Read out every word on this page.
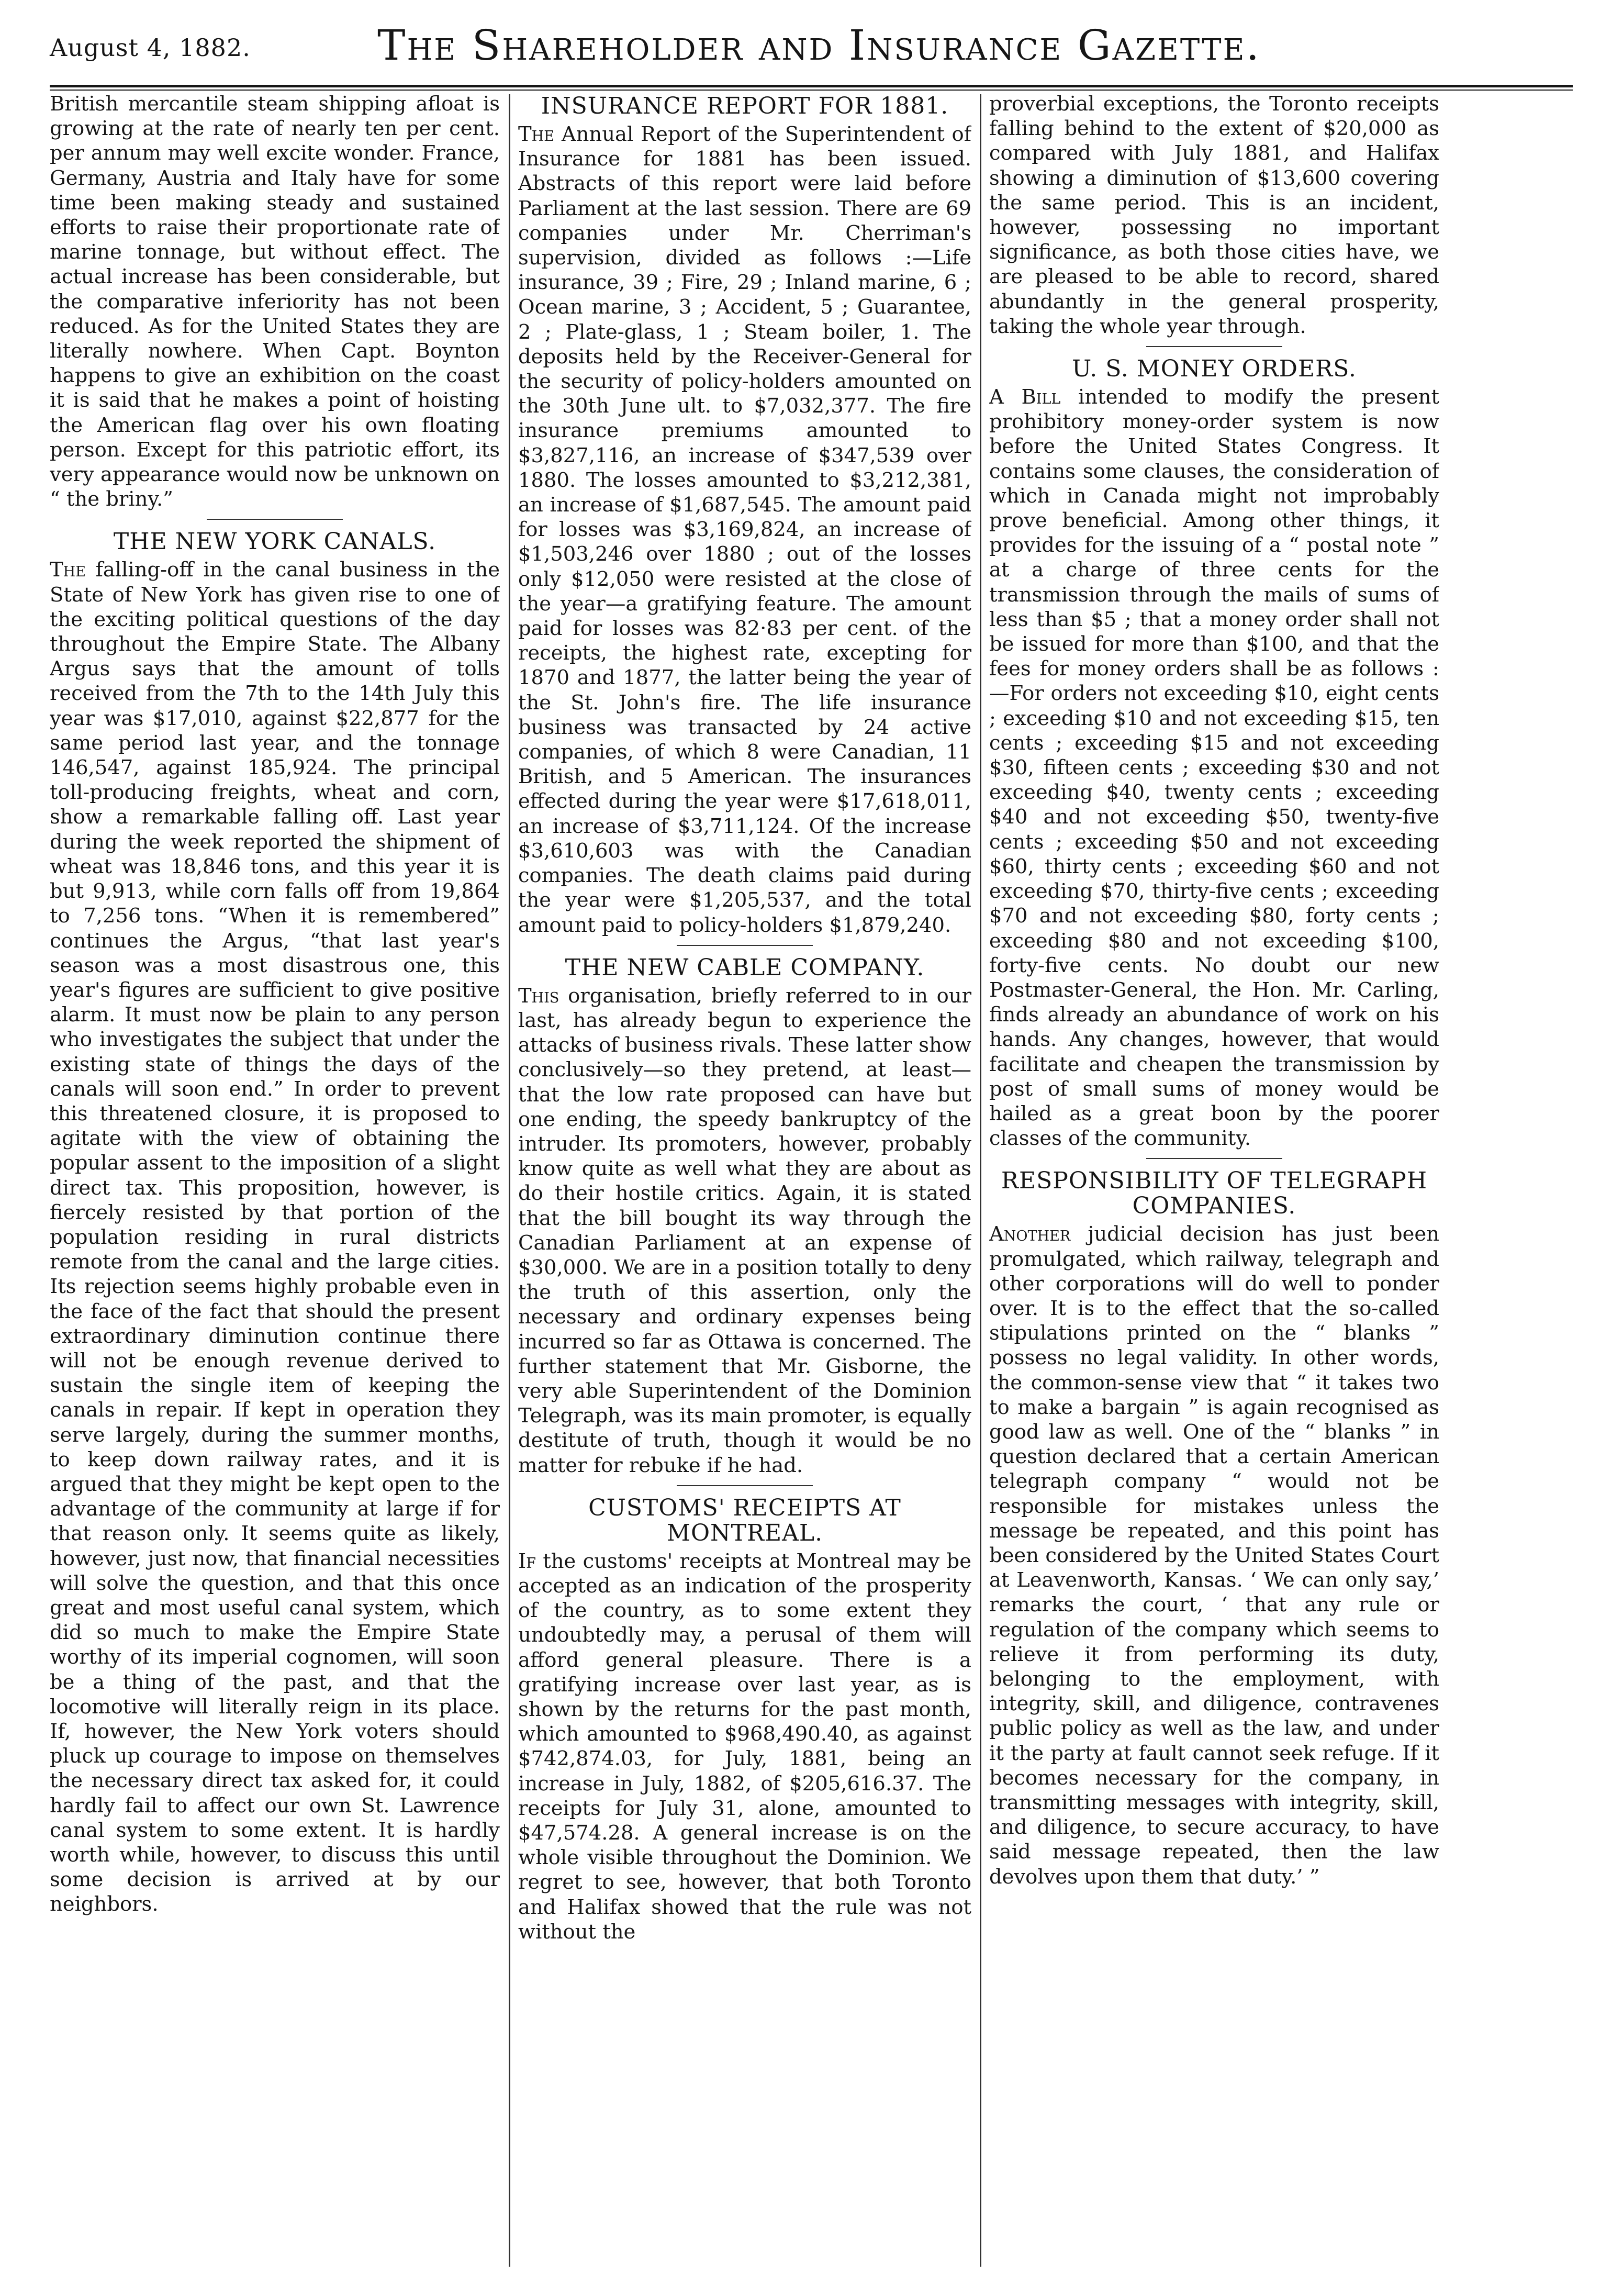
August 4, 1882.	The Shareholder and Insurance Gazette.

British mercantile steam shipping afloat is growing at the rate of nearly ten per cent. per annum may well excite wonder. France, Germany, Austria and Italy have for some time been making steady and sustained efforts to raise their proportionate rate of marine tonnage, but without effect. The actual increase has been considerable, but the comparative inferiority has not been reduced. As for the United States they are literally nowhere. When Capt. Boynton happens to give an exhibition on the coast it is said that he makes a point of hoisting the American flag over his own floating person. Except for this patriotic effort, its very appearance would now be unknown on “ the briny.”

THE NEW YORK CANALS.

The falling-off in the canal business in the State of New York has given rise to one of the exciting political questions of the day throughout the Empire State. The Albany Argus says that the amount of tolls received from the 7th to the 14th July this year was $17,010, against $22,877 for the same period last year, and the tonnage 146,547, against 185,924. The principal toll-producing freights, wheat and corn, show a remarkable falling off. Last year during the week reported the shipment of wheat was 18,846 tons, and this year it is but 9,913, while corn falls off from 19,864 to 7,256 tons. “When it is remembered” continues the Argus, “that last year's season was a most disastrous one, this year's figures are sufficient to give positive alarm. It must now be plain to any person who investigates the subject that under the existing state of things the days of the canals will soon end.” In order to prevent this threatened closure, it is proposed to agitate with the view of obtaining the popular assent to the imposition of a slight direct tax. This proposition, however, is fiercely resisted by that portion of the population residing in rural districts remote from the canal and the large cities. Its rejection seems highly probable even in the face of the fact that should the present extraordinary diminution continue there will not be enough revenue derived to sustain the single item of keeping the canals in repair. If kept in operation they serve largely, during the summer months, to keep down railway rates, and it is argued that they might be kept open to the advantage of the community at large if for that reason only. It seems quite as likely, however, just now, that financial necessities will solve the question, and that this once great and most useful canal system, which did so much to make the Empire State worthy of its imperial cognomen, will soon be a thing of the past, and that the locomotive will literally reign in its place. If, however, the New York voters should pluck up courage to impose on themselves the necessary direct tax asked for, it could hardly fail to affect our own St. Lawrence canal system to some extent. It is hardly worth while, however, to discuss this until some decision is arrived at by our neighbors.

INSURANCE REPORT FOR 1881.

The Annual Report of the Superintendent of Insurance for 1881 has been issued. Abstracts of this report were laid before Parliament at the last session. There are 69 companies under Mr. Cherriman's supervision, divided as follows :—Life insurance, 39 ; Fire, 29 ; Inland marine, 6 ; Ocean marine, 3 ; Accident, 5 ; Guarantee, 2 ; Plate-glass, 1 ; Steam boiler, 1. The deposits held by the Receiver-General for the security of policy-holders amounted on the 30th June ult. to $7,032,377. The fire insurance premiums amounted to $3,827,116, an increase of $347,539 over 1880. The losses amounted to $3,212,381, an increase of $1,687,545. The amount paid for losses was $3,169,824, an increase of $1,503,246 over 1880 ; out of the losses only $12,050 were resisted at the close of the year—a gratifying feature. The amount paid for losses was 82·83 per cent. of the receipts, the highest rate, excepting for 1870 and 1877, the latter being the year of the St. John's fire. The life insurance business was transacted by 24 active companies, of which 8 were Canadian, 11 British, and 5 American. The insurances effected during the year were $17,618,011, an increase of $3,711,124. Of the increase $3,610,603 was with the Canadian companies. The death claims paid during the year were $1,205,537, and the total amount paid to policy-holders $1,879,240.

THE NEW CABLE COMPANY.

This organisation, briefly referred to in our last, has already begun to experience the attacks of business rivals. These latter show conclusively—so they pretend, at least—that the low rate proposed can have but one ending, the speedy bankruptcy of the intruder. Its promoters, however, probably know quite as well what they are about as do their hostile critics. Again, it is stated that the bill bought its way through the Canadian Parliament at an expense of $30,000. We are in a position totally to deny the truth of this assertion, only the necessary and ordinary expenses being incurred so far as Ottawa is concerned. The further statement that Mr. Gisborne, the very able Superintendent of the Dominion Telegraph, was its main promoter, is equally destitute of truth, though it would be no matter for rebuke if he had.

CUSTOMS' RECEIPTS AT MONTREAL.

If the customs' receipts at Montreal may be accepted as an indication of the prosperity of the country, as to some extent they undoubtedly may, a perusal of them will afford general pleasure. There is a gratifying increase over last year, as is shown by the returns for the past month, which amounted to $968,490.40, as against $742,874.03, for July, 1881, being an increase in July, 1882, of $205,616.37. The receipts for July 31, alone, amounted to $47,574.28. A general increase is on the whole visible throughout the Dominion. We regret to see, however, that both Toronto and Halifax showed that the rule was not without the

proverbial exceptions, the Toronto receipts falling behind to the extent of $20,000 as compared with July 1881, and Halifax showing a diminution of $13,600 covering the same period. This is an incident, however, possessing no important significance, as both those cities have, we are pleased to be able to record, shared abundantly in the general prosperity, taking the whole year through.

U. S. MONEY ORDERS.

A Bill intended to modify the present prohibitory money-order system is now before the United States Congress. It contains some clauses, the consideration of which in Canada might not improbably prove beneficial. Among other things, it provides for the issuing of a “ postal note ” at a charge of three cents for the transmission through the mails of sums of less than $5 ; that a money order shall not be issued for more than $100, and that the fees for money orders shall be as follows :—For orders not exceeding $10, eight cents ; exceeding $10 and not exceeding $15, ten cents ; exceeding $15 and not exceeding $30, fifteen cents ; exceeding $30 and not exceeding $40, twenty cents ; exceeding $40 and not exceeding $50, twenty-five cents ; exceeding $50 and not exceeding $60, thirty cents ; exceeding $60 and not exceeding $70, thirty-five cents ; exceeding $70 and not exceeding $80, forty cents ; exceeding $80 and not exceeding $100, forty-five cents. No doubt our new Postmaster-General, the Hon. Mr. Carling, finds already an abundance of work on his hands. Any changes, however, that would facilitate and cheapen the transmission by post of small sums of money would be hailed as a great boon by the poorer classes of the community.

RESPONSIBILITY OF TELEGRAPH COMPANIES.

Another judicial decision has just been promulgated, which railway, telegraph and other corporations will do well to ponder over. It is to the effect that the so-called stipulations printed on the “ blanks ” possess no legal validity. In other words, the common-sense view that “ it takes two to make a bargain ” is again recognised as good law as well. One of the “ blanks ” in question declared that a certain American telegraph company “ would not be responsible for mistakes unless the message be repeated, and this point has been considered by the United States Court at Leavenworth, Kansas. ‘ We can only say,’ remarks the court, ‘ that any rule or regulation of the company which seems to relieve it from performing its duty, belonging to the employment, with integrity, skill, and diligence, contravenes public policy as well as the law, and under it the party at fault cannot seek refuge. If it becomes necessary for the company, in transmitting messages with integrity, skill, and diligence, to secure accuracy, to have said message repeated, then the law devolves upon them that duty.’ ”
